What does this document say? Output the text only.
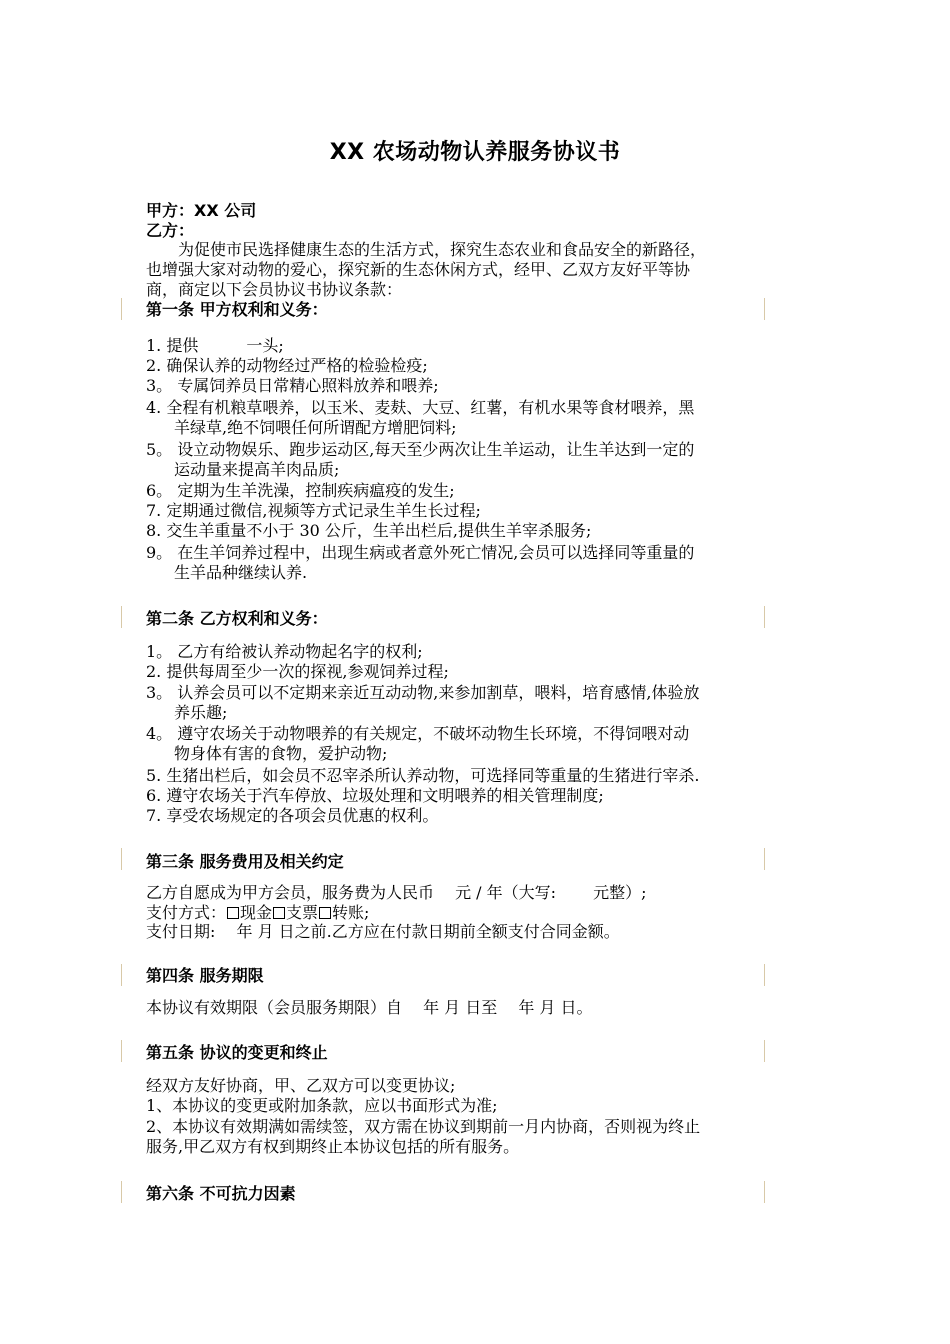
XX 农场动物认养服务协议书
甲方：XX 公司
乙方：
　　为促使市民选择健康生态的生活方式，探究生态农业和食品安全的新路径，
也增强大家对动物的爱心，探究新的生态休闲方式，经甲、乙双方友好平等协
商，商定以下会员协议书协议条款：
第一条 甲方权利和义务：
1. 提供　　　一头;
2. 确保认养的动物经过严格的检验检疫;
3。 专属饲养员日常精心照料放养和喂养;
4. 全程有机粮草喂养，以玉米、麦麸、大豆、红薯，有机水果等食材喂养，黑
羊绿草,绝不饲喂任何所谓配方增肥饲料;
5。 设立动物娱乐、跑步运动区,每天至少两次让生羊运动，让生羊达到一定的
运动量来提高羊肉品质;
6。 定期为生羊洗澡，控制疾病瘟疫的发生;
7. 定期通过微信,视频等方式记录生羊生长过程;
8. 交生羊重量不小于 30 公斤，生羊出栏后,提供生羊宰杀服务;
9。 在生羊饲养过程中，出现生病或者意外死亡情况,会员可以选择同等重量的
生羊品种继续认养.
第二条 乙方权利和义务：
1。 乙方有给被认养动物起名字的权利;
2. 提供每周至少一次的探视,参观饲养过程;
3。 认养会员可以不定期来亲近互动动物,来参加割草，喂料，培育感情,体验放
养乐趣;
4。 遵守农场关于动物喂养的有关规定，不破坏动物生长环境，不得饲喂对动
物身体有害的食物，爱护动物;
5. 生猪出栏后，如会员不忍宰杀所认养动物，可选择同等重量的生猪进行宰杀.
6. 遵守农场关于汽车停放、垃圾处理和文明喂养的相关管理制度;
7. 享受农场规定的各项会员优惠的权利。
第三条 服务费用及相关约定
乙方自愿成为甲方会员，服务费为人民币　 元 / 年（大写:　　 元整）;
支付方式： 现金 支票 转账;
支付日期:　 年 月 日之前.乙方应在付款日期前全额支付合同金额。
第四条 服务期限
本协议有效期限（会员服务期限）自　 年 月 日至　 年 月 日。
第五条 协议的变更和终止
经双方友好协商，甲、乙双方可以变更协议;
1、本协议的变更或附加条款，应以书面形式为准;
2、本协议有效期满如需续签，双方需在协议到期前一月内协商，否则视为终止
服务,甲乙双方有权到期终止本协议包括的所有服务。
第六条 不可抗力因素
